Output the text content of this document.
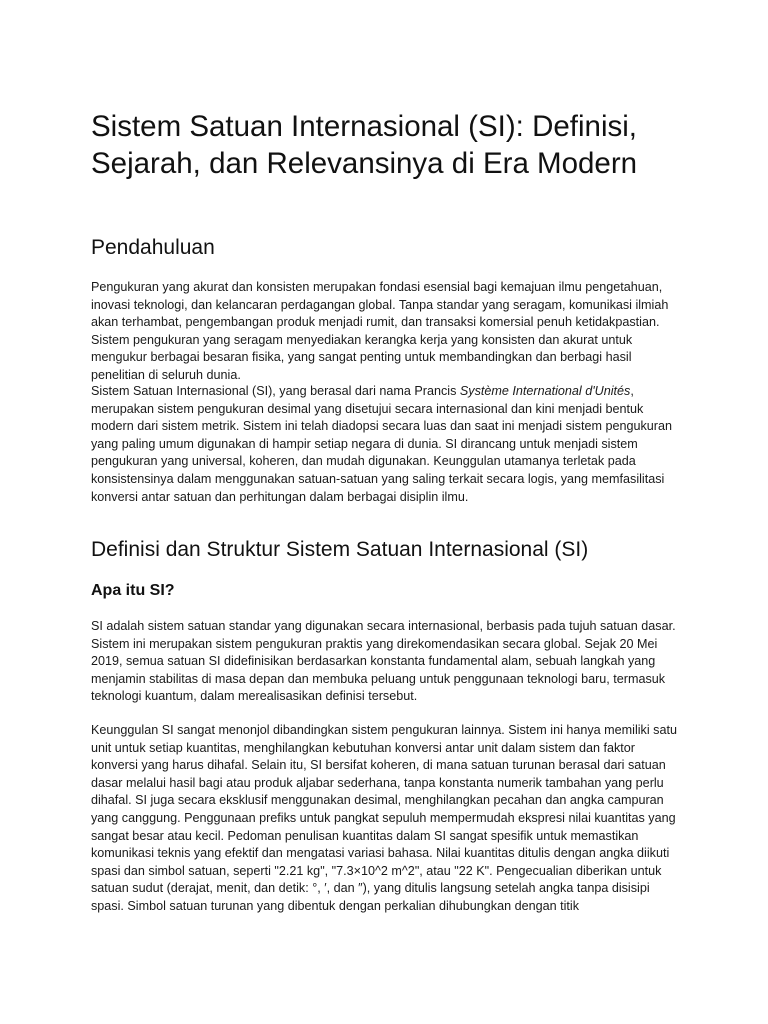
Sistem Satuan Internasional (SI): Definisi, Sejarah, dan Relevansinya di Era Modern
Pendahuluan

Pengukuran yang akurat dan konsisten merupakan fondasi esensial bagi kemajuan ilmu pengetahuan, inovasi teknologi, dan kelancaran perdagangan global. Tanpa standar yang seragam, komunikasi ilmiah akan terhambat, pengembangan produk menjadi rumit, dan transaksi komersial penuh ketidakpastian. Sistem pengukuran yang seragam menyediakan kerangka kerja yang konsisten dan akurat untuk mengukur berbagai besaran fisika, yang sangat penting untuk membandingkan dan berbagi hasil penelitian di seluruh dunia.

Sistem Satuan Internasional (SI), yang berasal dari nama Prancis Système International d'Unités, merupakan sistem pengukuran desimal yang disetujui secara internasional dan kini menjadi bentuk modern dari sistem metrik. Sistem ini telah diadopsi secara luas dan saat ini menjadi sistem pengukuran yang paling umum digunakan di hampir setiap negara di dunia. SI dirancang untuk menjadi sistem pengukuran yang universal, koheren, dan mudah digunakan. Keunggulan utamanya terletak pada konsistensinya dalam menggunakan satuan-satuan yang saling terkait secara logis, yang memfasilitasi konversi antar satuan dan perhitungan dalam berbagai disiplin ilmu.

Definisi dan Struktur Sistem Satuan Internasional (SI)
Apa itu SI?

SI adalah sistem satuan standar yang digunakan secara internasional, berbasis pada tujuh satuan dasar. Sistem ini merupakan sistem pengukuran praktis yang direkomendasikan secara global. Sejak 20 Mei 2019, semua satuan SI didefinisikan berdasarkan konstanta fundamental alam, sebuah langkah yang menjamin stabilitas di masa depan dan membuka peluang untuk penggunaan teknologi baru, termasuk teknologi kuantum, dalam merealisasikan definisi tersebut.

Keunggulan SI sangat menonjol dibandingkan sistem pengukuran lainnya. Sistem ini hanya memiliki satu unit untuk setiap kuantitas, menghilangkan kebutuhan konversi antar unit dalam sistem dan faktor konversi yang harus dihafal. Selain itu, SI bersifat koheren, di mana satuan turunan berasal dari satuan dasar melalui hasil bagi atau produk aljabar sederhana, tanpa konstanta numerik tambahan yang perlu dihafal. SI juga secara eksklusif menggunakan desimal, menghilangkan pecahan dan angka campuran yang canggung. Penggunaan prefiks untuk pangkat sepuluh mempermudah ekspresi nilai kuantitas yang sangat besar atau kecil. Pedoman penulisan kuantitas dalam SI sangat spesifik untuk memastikan komunikasi teknis yang efektif dan mengatasi variasi bahasa. Nilai kuantitas ditulis dengan angka diikuti spasi dan simbol satuan, seperti "2.21 kg", "7.3×10^2 m^2", atau "22 K". Pengecualian diberikan untuk satuan sudut (derajat, menit, dan detik: °, ′, dan ″), yang ditulis langsung setelah angka tanpa disisipi spasi. Simbol satuan turunan yang dibentuk dengan perkalian dihubungkan dengan titik
